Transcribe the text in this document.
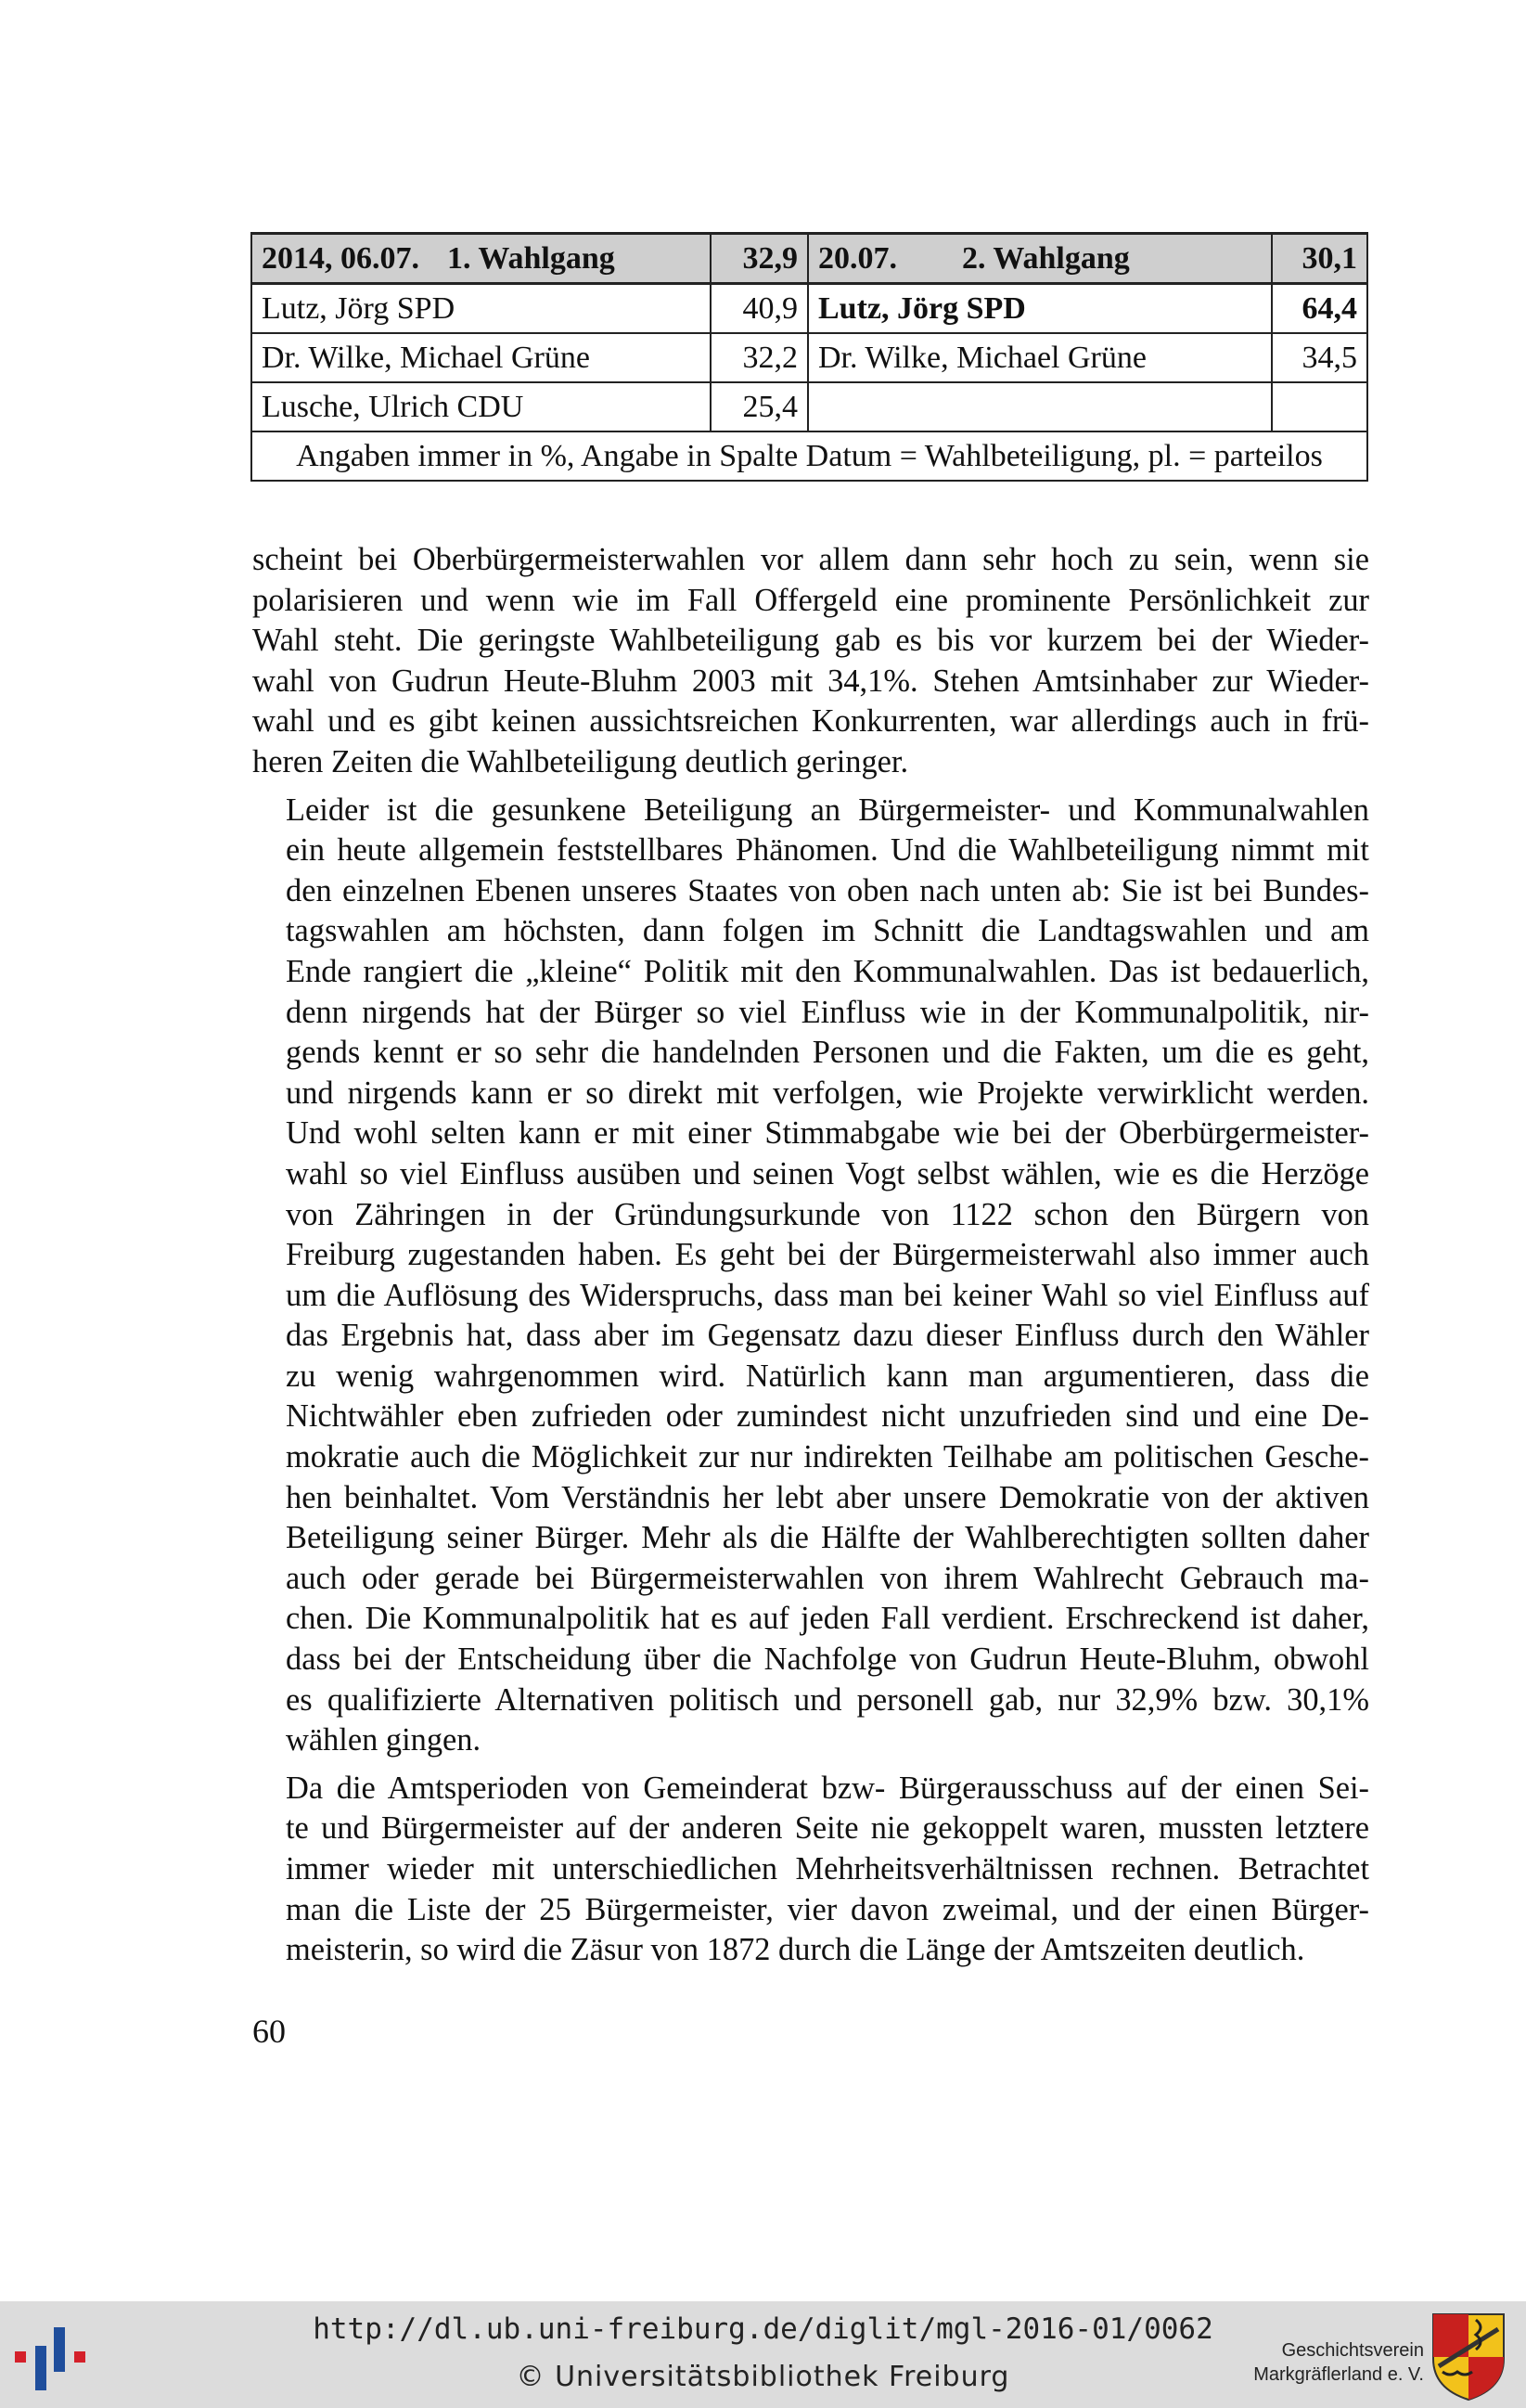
2014, 06.07. 1. Wahlgang	32,9	20.07. 2. Wahlgang	30,1
Lutz, Jörg SPD	40,9	Lutz, Jörg SPD	64,4
Dr. Wilke, Michael Grüne	32,2	Dr. Wilke, Michael Grüne	34,5
Lusche, Ulrich CDU	25,4		
Angaben immer in %, Angabe in Spalte Datum = Wahlbeteiligung, pl. = parteilos			

scheint bei Oberbürgermeisterwahlen vor allem dann sehr hoch zu sein, wenn sie
polarisieren und wenn wie im Fall Offergeld eine prominente Persönlichkeit zur
Wahl steht. Die geringste Wahlbeteiligung gab es bis vor kurzem bei der Wieder-
wahl von Gudrun Heute-Bluhm 2003 mit 34,1%. Stehen Amtsinhaber zur Wieder-
wahl und es gibt keinen aussichtsreichen Konkurrenten, war allerdings auch in frü-
heren Zeiten die Wahlbeteiligung deutlich geringer.

Leider ist die gesunkene Beteiligung an Bürgermeister- und Kommunalwahlen
ein heute allgemein feststellbares Phänomen. Und die Wahlbeteiligung nimmt mit
den einzelnen Ebenen unseres Staates von oben nach unten ab: Sie ist bei Bundes-
tagswahlen am höchsten, dann folgen im Schnitt die Landtagswahlen und am
Ende rangiert die „kleine“ Politik mit den Kommunalwahlen. Das ist bedauerlich,
denn nirgends hat der Bürger so viel Einfluss wie in der Kommunalpolitik, nir-
gends kennt er so sehr die handelnden Personen und die Fakten, um die es geht,
und nirgends kann er so direkt mit verfolgen, wie Projekte verwirklicht werden.
Und wohl selten kann er mit einer Stimmabgabe wie bei der Oberbürgermeister-
wahl so viel Einfluss ausüben und seinen Vogt selbst wählen, wie es die Herzöge
von Zähringen in der Gründungsurkunde von 1122 schon den Bürgern von
Freiburg zugestanden haben. Es geht bei der Bürgermeisterwahl also immer auch
um die Auflösung des Widerspruchs, dass man bei keiner Wahl so viel Einfluss auf
das Ergebnis hat, dass aber im Gegensatz dazu dieser Einfluss durch den Wähler
zu wenig wahrgenommen wird. Natürlich kann man argumentieren, dass die
Nichtwähler eben zufrieden oder zumindest nicht unzufrieden sind und eine De-
mokratie auch die Möglichkeit zur nur indirekten Teilhabe am politischen Gesche-
hen beinhaltet. Vom Verständnis her lebt aber unsere Demokratie von der aktiven
Beteiligung seiner Bürger. Mehr als die Hälfte der Wahlberechtigten sollten daher
auch oder gerade bei Bürgermeisterwahlen von ihrem Wahlrecht Gebrauch ma-
chen. Die Kommunalpolitik hat es auf jeden Fall verdient. Erschreckend ist daher,
dass bei der Entscheidung über die Nachfolge von Gudrun Heute-Bluhm, obwohl
es qualifizierte Alternativen politisch und personell gab, nur 32,9% bzw. 30,1%
wählen gingen.

Da die Amtsperioden von Gemeinderat bzw- Bürgerausschuss auf der einen Sei-
te und Bürgermeister auf der anderen Seite nie gekoppelt waren, mussten letztere
immer wieder mit unterschiedlichen Mehrheitsverhältnissen rechnen. Betrachtet
man die Liste der 25 Bürgermeister, vier davon zweimal, und der einen Bürger-
meisterin, so wird die Zäsur von 1872 durch die Länge der Amtszeiten deutlich.

60
http://dl.ub.uni-freiburg.de/diglit/mgl-2016-01/0062
© Universitätsbibliothek Freiburg
Geschichtsverein
Markgräflerland e. V.
